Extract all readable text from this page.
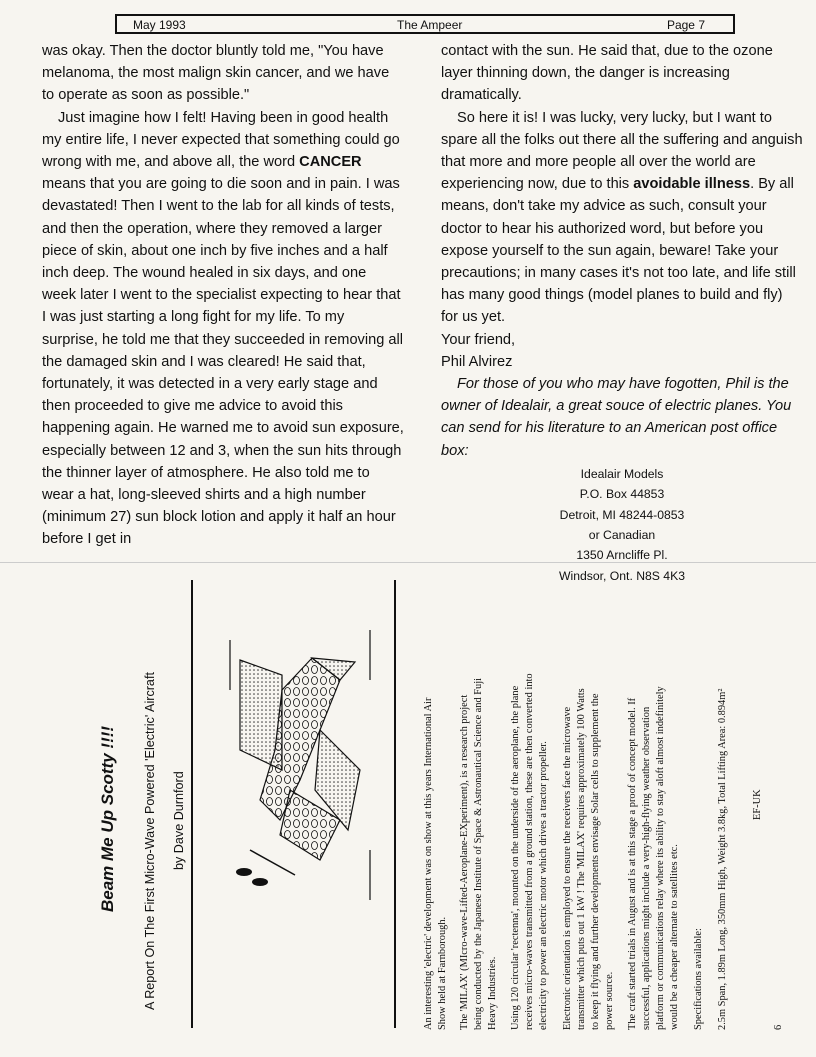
May 1993	The Ampeer	Page 7

was okay. Then the doctor bluntly told me, "You have melanoma, the most malign skin cancer, and we have to operate as soon as possible."

Just imagine how I felt! Having been in good health my entire life, I never expected that something could go wrong with me, and above all, the word CANCER means that you are going to die soon and in pain. I was devastated! Then I went to the lab for all kinds of tests, and then the operation, where they removed a larger piece of skin, about one inch by five inches and a half inch deep. The wound healed in six days, and one week later I went to the specialist expecting to hear that I was just starting a long fight for my life. To my surprise, he told me that they succeeded in removing all the damaged skin and I was cleared! He said that, fortunately, it was detected in a very early stage and then proceeded to give me advice to avoid this happening again. He warned me to avoid sun exposure, especially between 12 and 3, when the sun hits through the thinner layer of atmosphere. He also told me to wear a hat, long-sleeved shirts and a high number (minimum 27) sun block lotion and apply it half an hour before I get in

contact with the sun. He said that, due to the ozone layer thinning down, the danger is increasing dramatically.

So here it is! I was lucky, very lucky, but I want to spare all the folks out there all the suffering and anguish that more and more people all over the world are experiencing now, due to this avoidable illness. By all means, don't take my advice as such, consult your doctor to hear his authorized word, but before you expose yourself to the sun again, beware! Take your precautions; in many cases it's not too late, and life still has many good things (model planes to build and fly) for us yet.

Your friend,

Phil Alvirez

For those of you who may have fogotten, Phil is the owner of Idealair, a great souce of electric planes. You can send for his literature to an American post office box:

Idealair Models
P.O. Box 44853
Detroit, MI 48244-0853
or Canadian
1350 Arncliffe Pl.
Windsor, Ont. N8S 4K3
Beam Me Up Scotty !!!! A Report On The First Micro-Wave Powered 'Electric' Aircraft by Dave Durnford	An interesting 'electric' development was on show at this years International Air Show held at Farnborough. The 'MILAX' (MIcro-wave-Lifted-Aeroplane-EXperiment), is a research project being conducted by the Japanese Institute of Space & Astronautical Science and Fuji Heavy Industries. Using 120 circular 'rectenna', mounted on the underside of the aeroplane, the plane receives micro-waves transmitted from a ground station, these are then converted into electricity to power an electric motor which drives a tractor propeller. Electronic orientation is employed to ensure the receivers face the microwave transmitter which puts out 1 kW ! The 'MILAX' requires approximately 100 Watts to keep it flying and further developments envisage Solar cells to supplement the power source. The craft started trials in August and is at this stage a proof of concept model. If successful, applications might include a very-high-flying weather observation platform or communications relay where its ability to stay aloft almost indefinitely would be a cheaper alternate to satellites etc. Specifications available: 2.5m Span, 1.89m Long, 350mm High, Weight 3.8kg, Total Lifting Area: 0.894m² EF-UK
6
